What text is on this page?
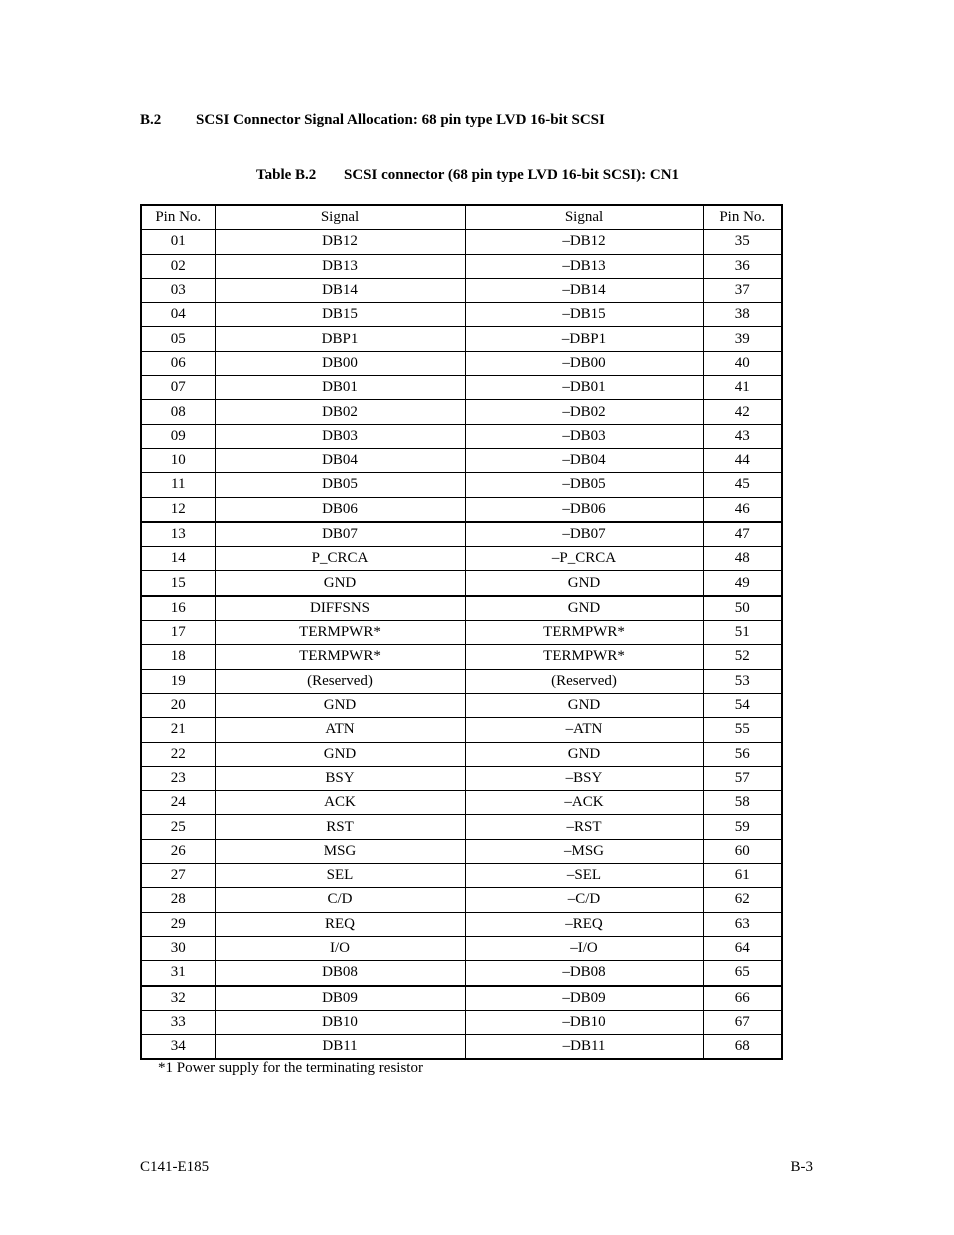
B.2 SCSI Connector Signal Allocation: 68 pin type LVD 16-bit SCSI
Table B.2 SCSI connector (68 pin type LVD 16-bit SCSI): CN1
Pin No.	Signal	Signal	Pin No.
01	DB12	–DB12	35
02	DB13	–DB13	36
03	DB14	–DB14	37
04	DB15	–DB15	38
05	DBP1	–DBP1	39
06	DB00	–DB00	40
07	DB01	–DB01	41
08	DB02	–DB02	42
09	DB03	–DB03	43
10	DB04	–DB04	44
11	DB05	–DB05	45
12	DB06	–DB06	46
13	DB07	–DB07	47
14	P_CRCA	–P_CRCA	48
15	GND	GND	49
16	DIFFSNS	GND	50
17	TERMPWR*	TERMPWR*	51
18	TERMPWR*	TERMPWR*	52
19	(Reserved)	(Reserved)	53
20	GND	GND	54
21	ATN	–ATN	55
22	GND	GND	56
23	BSY	–BSY	57
24	ACK	–ACK	58
25	RST	–RST	59
26	MSG	–MSG	60
27	SEL	–SEL	61
28	C/D	–C/D	62
29	REQ	–REQ	63
30	I/O	–I/O	64
31	DB08	–DB08	65
32	DB09	–DB09	66
33	DB10	–DB10	67
34	DB11	–DB11	68
*1 Power supply for the terminating resistor
C141-E185	B-3
